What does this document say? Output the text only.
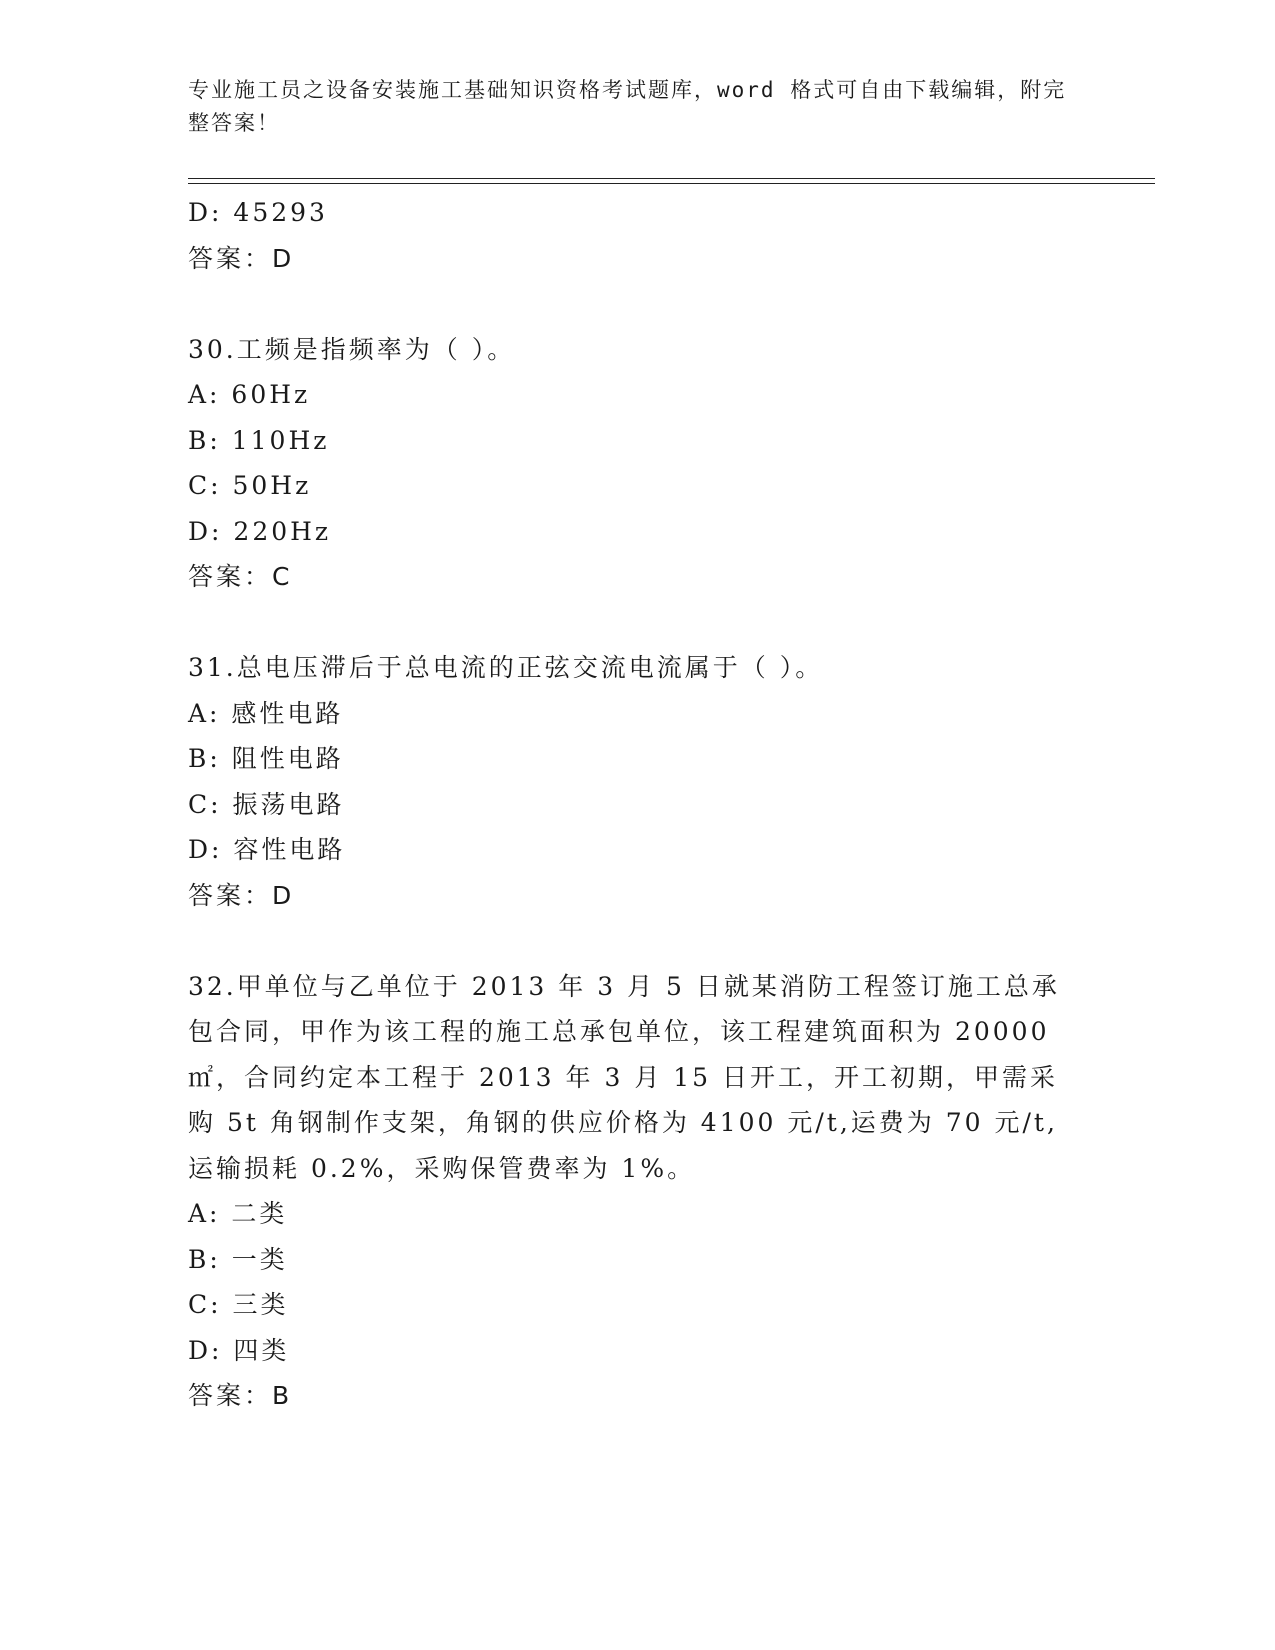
专业施工员之设备安装施工基础知识资格考试题库，word 格式可自由下载编辑，附完整答案！
D: 45293
答案：D
30.工频是指频率为（ ）。
A: 60Hz
B: 110Hz
C: 50Hz
D: 220Hz
答案：C
31.总电压滞后于总电流的正弦交流电流属于（ ）。
A: 感性电路
B: 阻性电路
C: 振荡电路
D: 容性电路
答案：D
32.甲单位与乙单位于 2013 年 3 月 5 日就某消防工程签订施工总承包合同，甲作为该工程的施工总承包单位，该工程建筑面积为 20000㎡，合同约定本工程于 2013 年 3 月 15 日开工，开工初期，甲需采购 5t 角钢制作支架，角钢的供应价格为 4100 元/t,运费为 70 元/t,运输损耗 0.2%，采购保管费率为 1%。
A: 二类
B: 一类
C: 三类
D: 四类
答案：B
